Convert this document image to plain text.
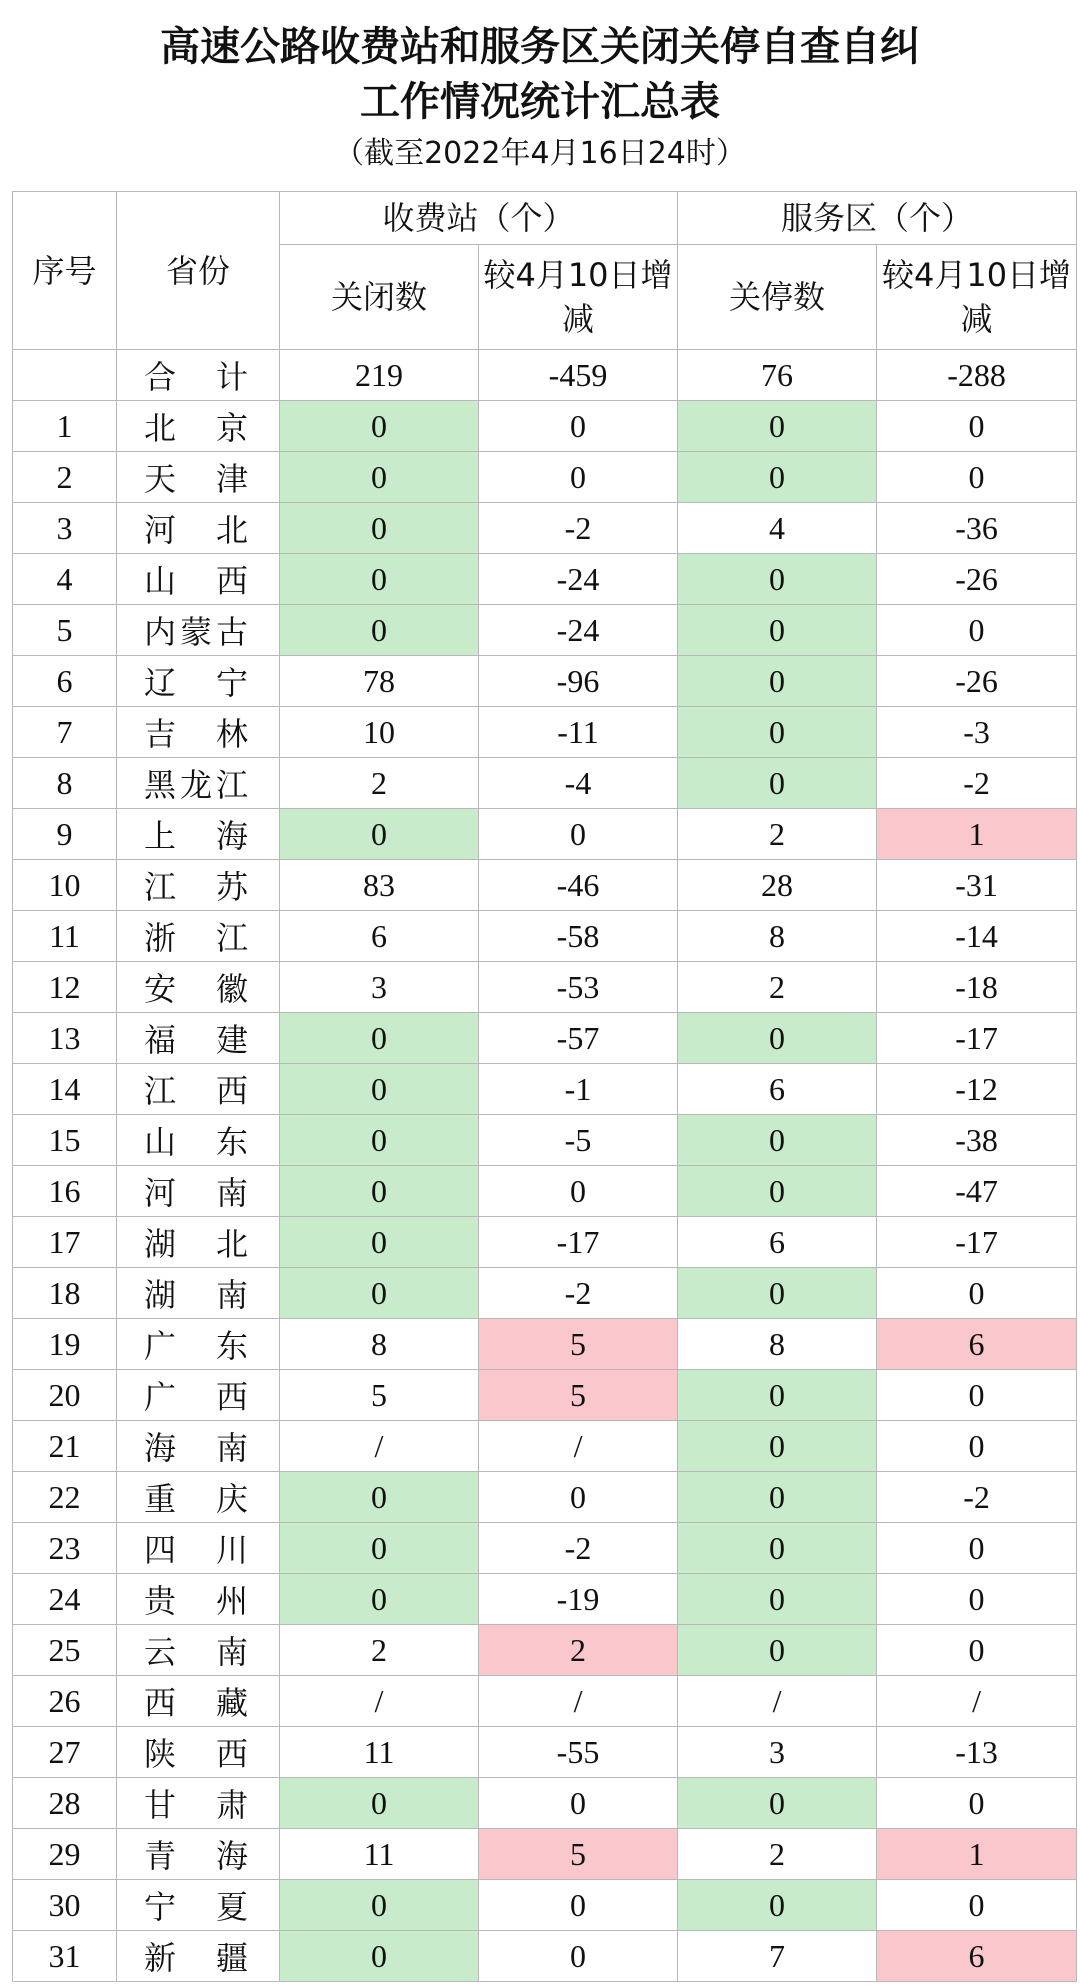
高速公路收费站和服务区关闭关停自查自纠
工作情况统计汇总表
（截至2022年4月16日24时）
序号	省份	收费站（个）		服务区（个）	
		关闭数	较4月10日增减	关停数	较4月10日增减
	合　计	219	-459	76	-288
1	北　京	0	0	0	0
2	天　津	0	0	0	0
3	河　北	0	-2	4	-36
4	山　西	0	-24	0	-26
5	内蒙古	0	-24	0	0
6	辽　宁	78	-96	0	-26
7	吉　林	10	-11	0	-3
8	黑龙江	2	-4	0	-2
9	上　海	0	0	2	1
10	江　苏	83	-46	28	-31
11	浙　江	6	-58	8	-14
12	安　徽	3	-53	2	-18
13	福　建	0	-57	0	-17
14	江　西	0	-1	6	-12
15	山　东	0	-5	0	-38
16	河　南	0	0	0	-47
17	湖　北	0	-17	6	-17
18	湖　南	0	-2	0	0
19	广　东	8	5	8	6
20	广　西	5	5	0	0
21	海　南	/	/	0	0
22	重　庆	0	0	0	-2
23	四　川	0	-2	0	0
24	贵　州	0	-19	0	0
25	云　南	2	2	0	0
26	西　藏	/	/	/	/
27	陕　西	11	-55	3	-13
28	甘　肃	0	0	0	0
29	青　海	11	5	2	1
30	宁　夏	0	0	0	0
31	新　疆	0	0	7	6
